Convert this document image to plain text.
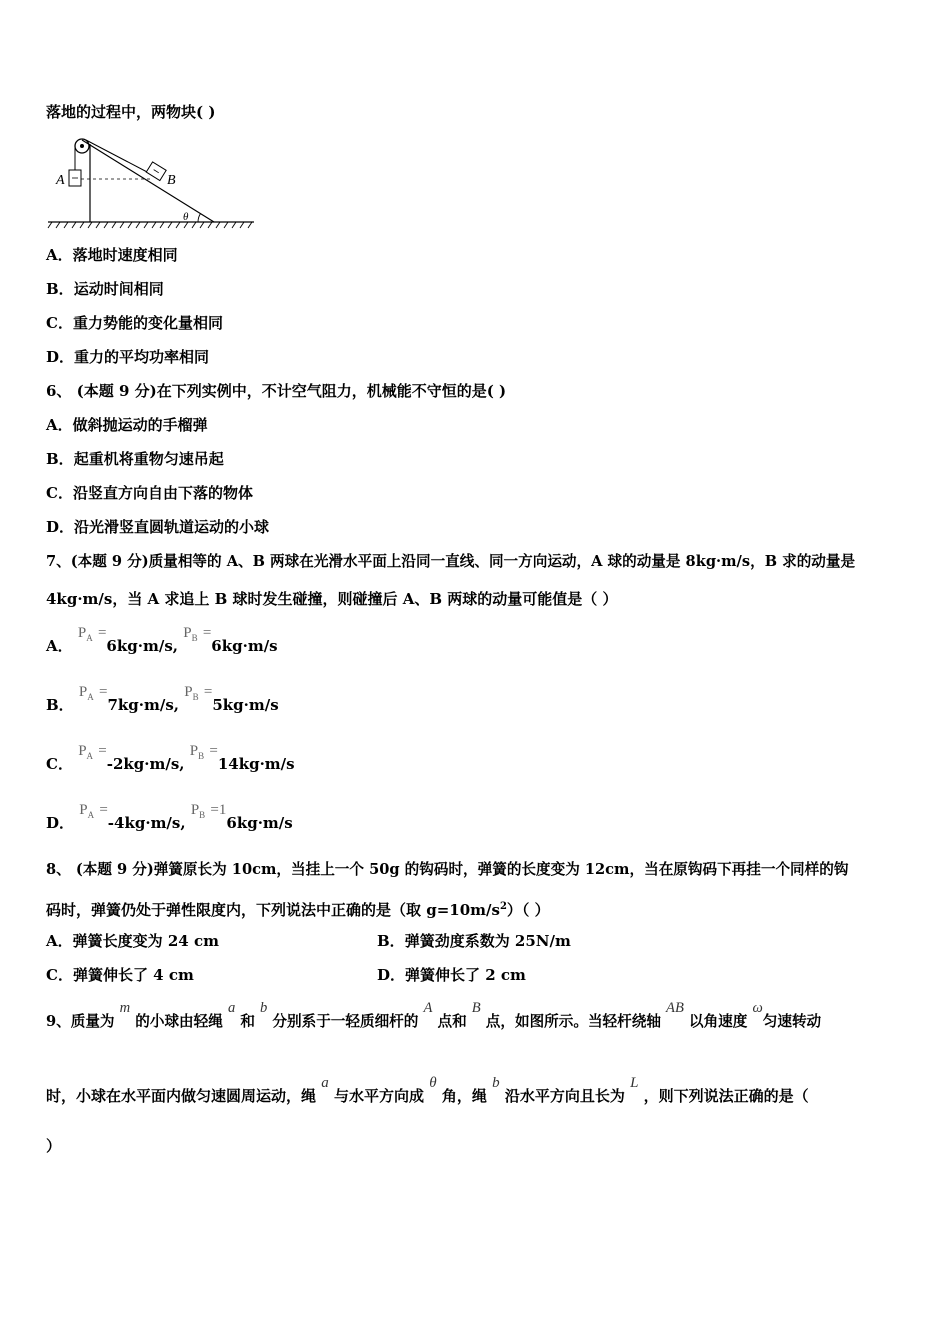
落地的过程中，两物块( )
A	B
θ
A．落地时速度相同
B．运动时间相同
C．重力势能的变化量相同
D．重力的平均功率相同
6、 (本题 9 分)在下列实例中，不计空气阻力，机械能不守恒的是( )
A．做斜抛运动的手榴弹
B．起重机将重物匀速吊起
C．沿竖直方向自由下落的物体
D．沿光滑竖直圆轨道运动的小球
7、(本题 9 分)质量相等的 A、B 两球在光滑水平面上沿同一直线、同一方向运动，A 球的动量是 8kg·m/s，B 求的动量是
4kg·m/s，当 A 求追上 B 球时发生碰撞，则碰撞后 A、B 两球的动量可能值是（ ）
A． $P_A =6kg\cdot m/s$, $P_B =6kg\cdot m/s$
B． $P_A =7kg\cdot m/s$, $P_B =5kg\cdot m/s$
C． $P_A =-2kg\cdot m/s$, $P_B =14kg\cdot m/s$
D． $P_A =-4kg\cdot m/s$, $P_B =16kg\cdot m/s$
8、 (本题 9 分)弹簧原长为 10cm，当挂上一个 50g 的钩码时，弹簧的长度变为 12cm，当在原钩码下再挂一个同样的钩
码时，弹簧仍处于弹性限度内，下列说法中正确的是（取 $g=10m/s^2$）（ ）
A．弹簧长度变为 24 cm	B．弹簧劲度系数为 25N/m
C．弹簧伸长了 4 cm	D．弹簧伸长了 2 cm
9、质量为 m 的小球由轻绳 a 和 b 分别系于一轻质细杆的 A 点和 B 点，如图所示。当轻杆绕轴 AB 以角速度 ω匀速转动
时，小球在水平面内做匀速圆周运动，绳 a 与水平方向成 θ 角，绳 b 沿水平方向且长为 L ，则下列说法正确的是（
）
